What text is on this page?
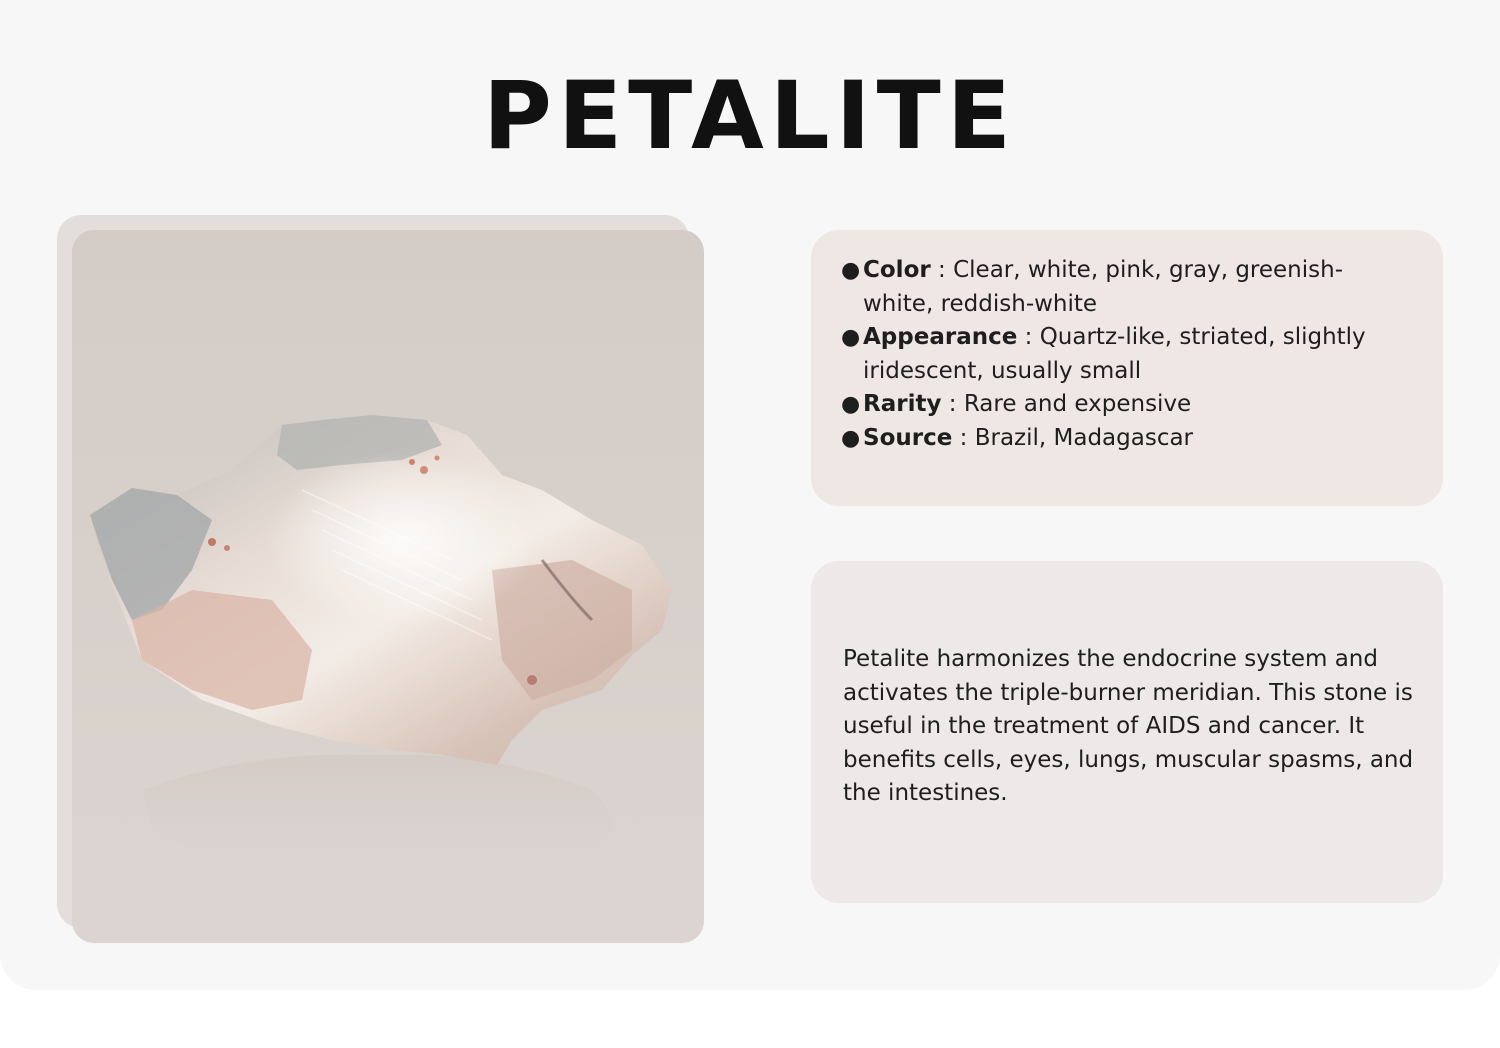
PETALITE
● Color : Clear, white, pink, gray, greenish-white, reddish-white
● Appearance : Quartz-like, striated, slightly iridescent, usually small
● Rarity : Rare and expensive
● Source : Brazil, Madagascar

Petalite harmonizes the endocrine system and activates the triple-burner meridian. This stone is useful in the treatment of AIDS and cancer. It benefits cells, eyes, lungs, muscular spasms, and the intestines.
